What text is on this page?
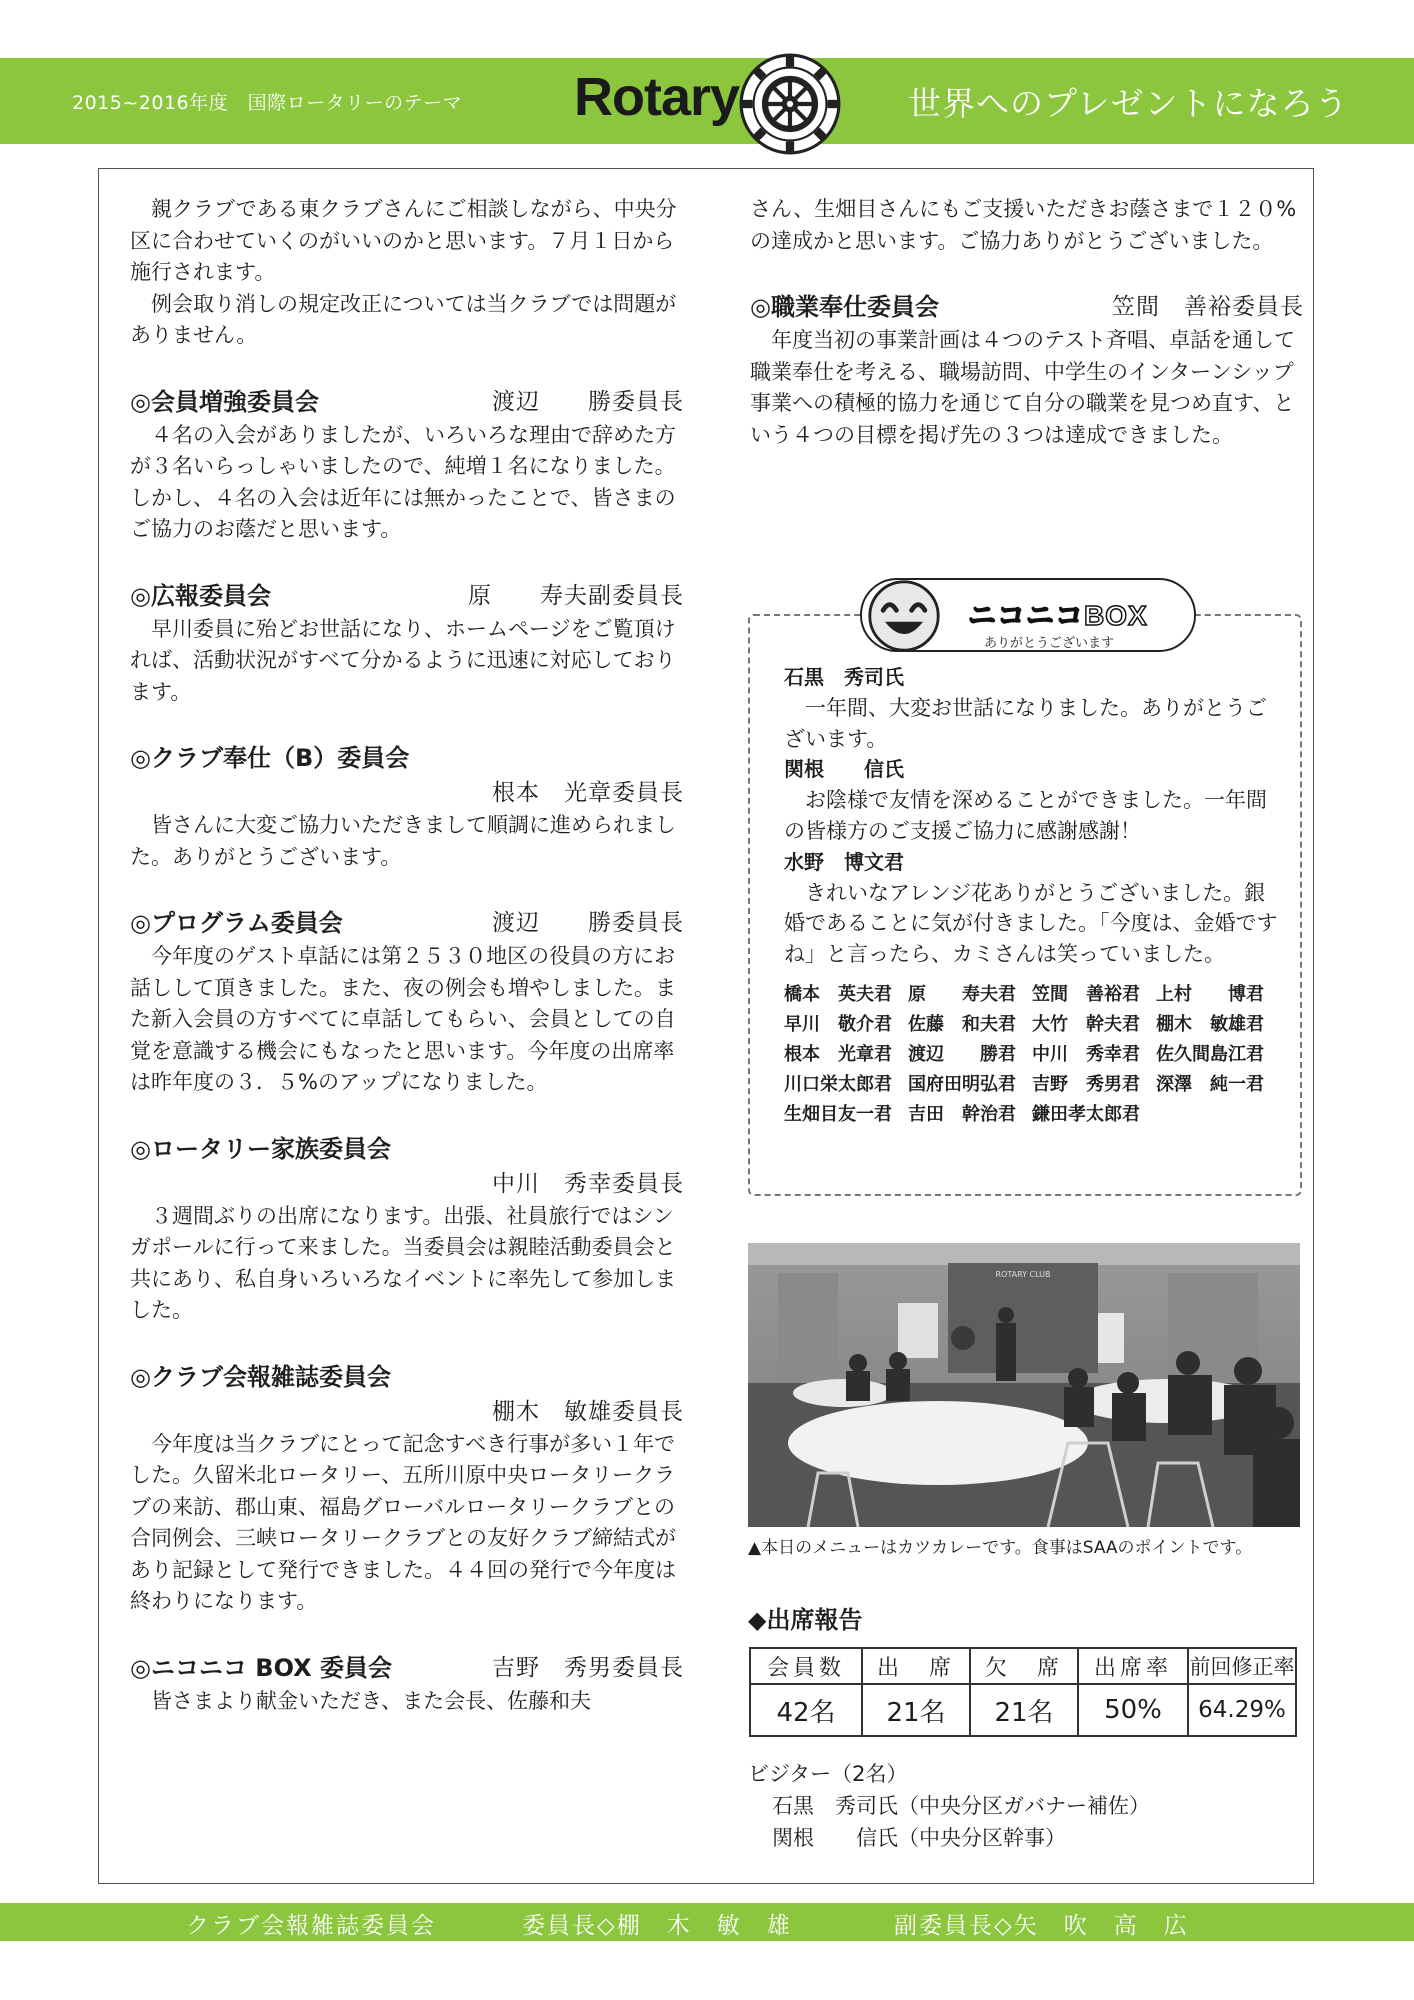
2015~2016年度　国際ロータリーのテーマ Rotary	世界へのプレゼントになろう

親クラブである東クラブさんにご相談しながら、中央分区に合わせていくのがいいのかと思います。７月１日から施行されます。

例会取り消しの規定改正については当クラブでは問題がありません。

◎会員増強委員会	渡辺　　勝委員長

４名の入会がありましたが、いろいろな理由で辞めた方が３名いらっしゃいましたので、純増１名になりました。しかし、４名の入会は近年には無かったことで、皆さまのご協力のお蔭だと思います。

◎広報委員会	原　　寿夫副委員長

早川委員に殆どお世話になり、ホームページをご覧頂ければ、活動状況がすべて分かるように迅速に対応しております。

◎クラブ奉仕（B）委員会
根本　光章委員長

皆さんに大変ご協力いただきまして順調に進められました。ありがとうございます。

◎プログラム委員会	渡辺　　勝委員長

今年度のゲスト卓話には第２５３０地区の役員の方にお話しして頂きました。また、夜の例会も増やしました。また新入会員の方すべてに卓話してもらい、会員としての自覚を意識する機会にもなったと思います。今年度の出席率は昨年度の３．５%のアップになりました。

◎ロータリー家族委員会
中川　秀幸委員長

３週間ぶりの出席になります。出張、社員旅行ではシンガポールに行って来ました。当委員会は親睦活動委員会と共にあり、私自身いろいろなイベントに率先して参加しました。

◎クラブ会報雑誌委員会
棚木　敏雄委員長

今年度は当クラブにとって記念すべき行事が多い１年でした。久留米北ロータリー、五所川原中央ロータリークラブの来訪、郡山東、福島グローバルロータリークラブとの合同例会、三峡ロータリークラブとの友好クラブ締結式があり記録として発行できました。４４回の発行で今年度は終わりになります。

◎ニコニコ BOX 委員会	吉野　秀男委員長

皆さまより献金いただき、また会長、佐藤和夫

さん、生畑目さんにもご支援いただきお蔭さまで１２０%の達成かと思います。ご協力ありがとうございました。

◎職業奉仕委員会	笠間　善裕委員長

年度当初の事業計画は４つのテスト斉唱、卓話を通して職業奉仕を考える、職場訪問、中学生のインターンシップ事業への積極的協力を通じて自分の職業を見つめ直す、という４つの目標を掲げ先の３つは達成できました。

ニコニコBOX
ありがとうございます
石黒　秀司氏

一年間、大変お世話になりました。ありがとうございます。

関根　　信氏

お陰様で友情を深めることができました。一年間の皆様方のご支援ご協力に感謝感謝！

水野　博文君

きれいなアレンジ花ありがとうございました。銀婚であることに気が付きました。「今度は、金婚ですね」と言ったら、カミさんは笑っていました。

橋本　英夫君 原　　寿夫君 笠間　善裕君 上村　　博君
早川　敬介君 佐藤　和夫君 大竹　幹夫君 棚木　敏雄君
根本　光章君 渡辺　　勝君 中川　秀幸君 佐久間島江君
川口栄太郎君 国府田明弘君 吉野　秀男君 深澤　純一君
生畑目友一君 吉田　幹治君 鎌田孝太郎君
ROTARY CLUB
▲本日のメニューはカツカレーです。食事はSAAのポイントです。
◆出席報告
会員数	出　席	欠　席	出席率	前回修正率
42名	21名	21名	50%	64.29%
ビジター（2名）
石黒　秀司氏（中央分区ガバナー補佐）
関根　　信氏（中央分区幹事）
クラブ会報雑誌委員会	委員長◇棚　木　敏　雄	副委員長◇矢　吹　高　広
